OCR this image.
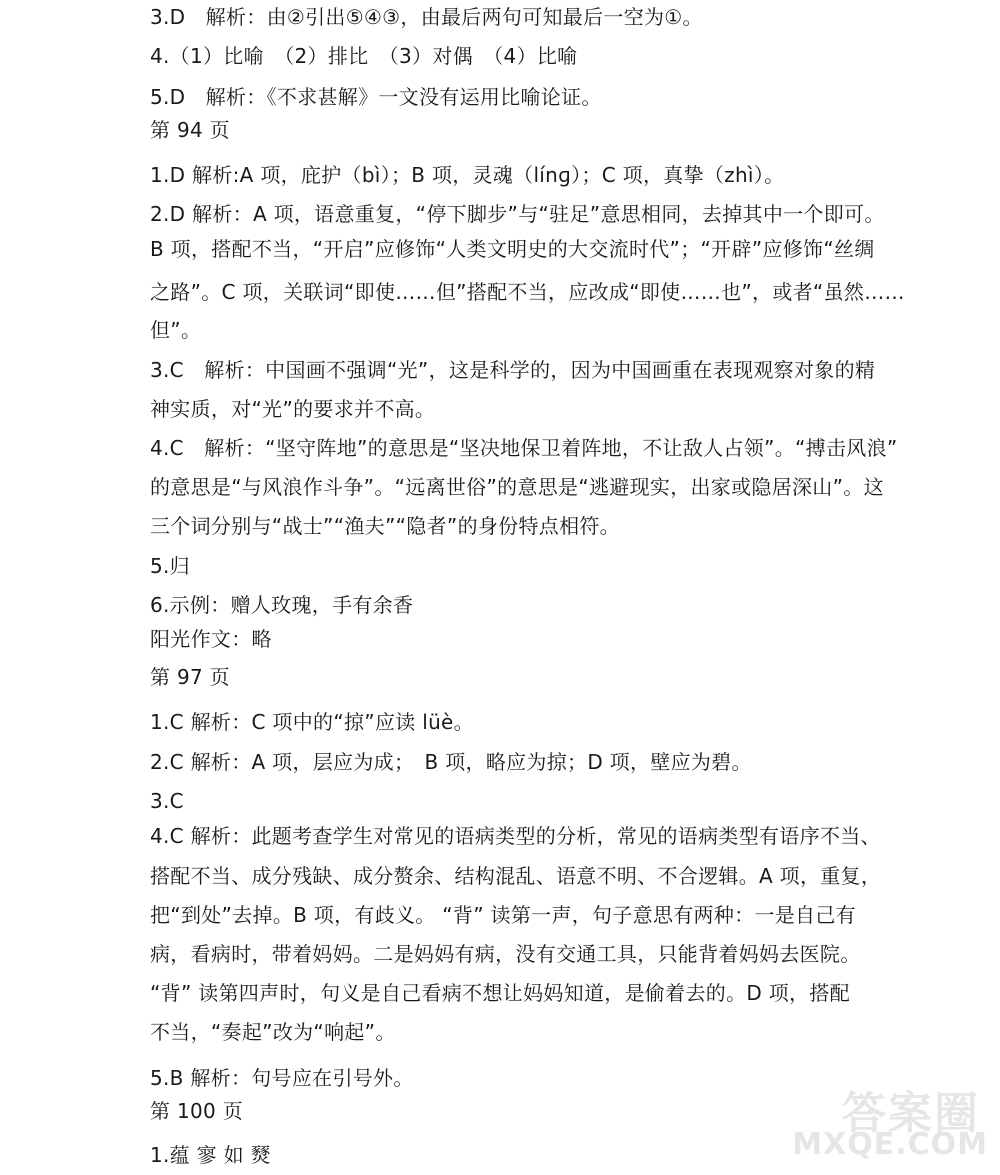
3.D　解析：由②引出⑤④③，由最后两句可知最后一空为①。

4.（1）比喻　（2）排比　（3）对偶　（4）比喻

5.D　解析：《不求甚解》一文没有运用比喻论证。

第 94 页

1.D 解析:A 项，庇护（bì）；B 项，灵魂（línɡ）；C 项，真挚（zhì）。

2.D 解析：A 项，语意重复，“停下脚步”与“驻足”意思相同，去掉其中一个即可。

B 项，搭配不当，“开启”应修饰“人类文明史的大交流时代”；“开辟”应修饰“丝绸

之路”。C 项，关联词“即使……但”搭配不当，应改成“即使……也”，或者“虽然……

但”。

3.C　解析：中国画不强调“光”，这是科学的，因为中国画重在表现观察对象的精

神实质，对“光”的要求并不高。

4.C　解析：“坚守阵地”的意思是“坚决地保卫着阵地，不让敌人占领”。“搏击风浪”

的意思是“与风浪作斗争”。“远离世俗”的意思是“逃避现实，出家或隐居深山”。这

三个词分别与“战士”“渔夫”“隐者”的身份特点相符。

5.归

6.示例：赠人玫瑰，手有余香

阳光作文：略

第 97 页

1.C 解析：C 项中的“掠”应读 lüè。

2.C 解析：A 项，层应为成；　B 项，略应为掠；D 项，壁应为碧。

3.C

4.C 解析：此题考查学生对常见的语病类型的分析，常见的语病类型有语序不当、

搭配不当、成分残缺、成分赘余、结构混乱、语意不明、不合逻辑。A 项，重复，

把“到处”去掉。B 项，有歧义。 “背” 读第一声，句子意思有两种：一是自己有

病，看病时，带着妈妈。二是妈妈有病，没有交通工具，只能背着妈妈去医院。

“背” 读第四声时，句义是自己看病不想让妈妈知道，是偷着去的。D 项，搭配

不当，“奏起”改为“响起”。

5.B 解析：句号应在引号外。

第 100 页

1.蕴 寥 如 燹

答案圈
MXQE.COM
